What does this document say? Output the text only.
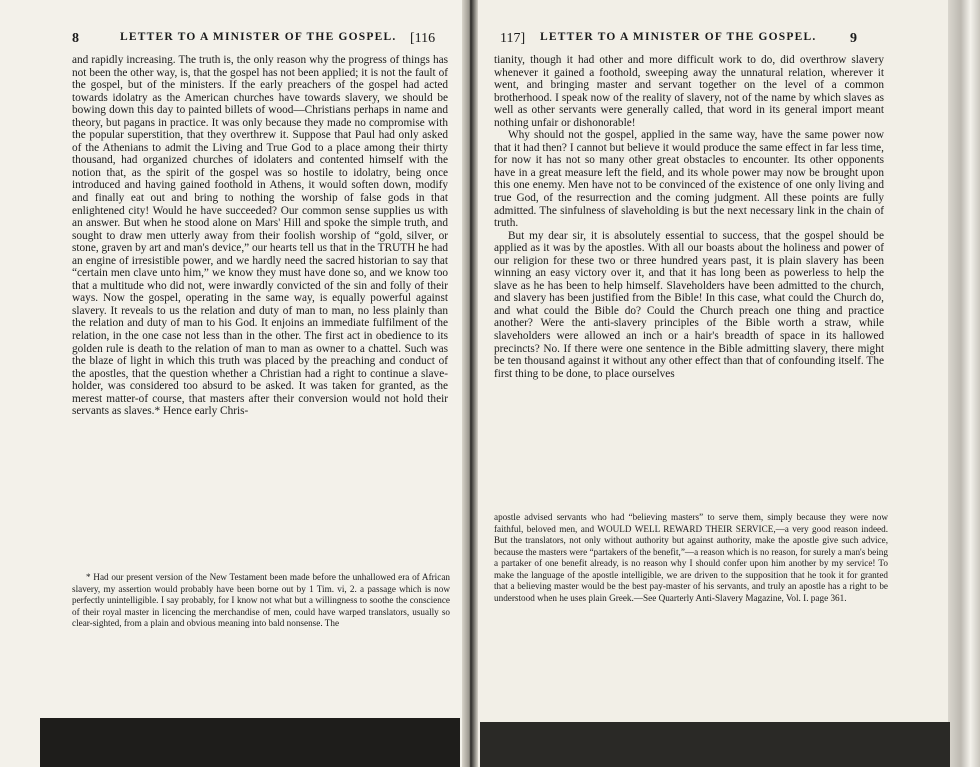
8	LETTER TO A MINISTER OF THE GOSPEL. [116

and rapidly increasing. The truth is, the only reason why the progress of things has not been the other way, is, that the gospel has not been applied; it is not the fault of the gospel, but of the ministers. If the early preachers of the gospel had acted towards idolatry as the American churches have towards slavery, we should be bowing down this day to painted billets of wood—Christians perhaps in name and theory, but pagans in practice. It was only because they made no compromise with the popular superstition, that they overthrew it. Suppose that Paul had only asked of the Athenians to admit the Living and True God to a place among their thirty thousand, had organized churches of idolaters and contented himself with the notion that, as the spirit of the gospel was so hostile to idolatry, being once introduced and having gained foothold in Athens, it would soften down, modify and finally eat out and bring to nothing the worship of false gods in that enlightened city! Would he have succeeded? Our common sense supplies us with an answer. But when he stood alone on Mars' Hill and spoke the simple truth, and sought to draw men utterly away from their foolish worship of “gold, silver, or stone, graven by art and man's device,” our hearts tell us that in the TRUTH he had an engine of irresistible power, and we hardly need the sacred historian to say that “certain men clave unto him,” we know they must have done so, and we know too that a multitude who did not, were inwardly convicted of the sin and folly of their ways. Now the gospel, operating in the same way, is equally powerful against slavery. It reveals to us the relation and duty of man to man, no less plainly than the relation and duty of man to his God. It enjoins an immediate fulfilment of the relation, in the one case not less than in the other. The first act in obedience to its golden rule is death to the relation of man to man as owner to a chattel. Such was the blaze of light in which this truth was placed by the preaching and conduct of the apostles, that the question whether a Christian had a right to continue a slave-holder, was considered too absurd to be asked. It was taken for granted, as the merest matter-of course, that masters after their conversion would not hold their servants as slaves.* Hence early Chris-

* Had our present version of the New Testament been made before the unhallowed era of African slavery, my assertion would probably have been borne out by 1 Tim. vi, 2. a passage which is now perfectly unintelligible. I say probably, for I know not what but a willingness to soothe the conscience of their royal master in licencing the merchandise of men, could have warped translators, usually so clear-sighted, from a plain and obvious meaning into bald nonsense. The

117] LETTER TO A MINISTER OF THE GOSPEL. 9

tianity, though it had other and more difficult work to do, did overthrow slavery whenever it gained a foothold, sweeping away the unnatural relation, wherever it went, and bringing master and servant together on the level of a common brotherhood. I speak now of the reality of slavery, not of the name by which slaves as well as other servants were generally called, that word in its general import meant nothing unfair or dishonorable!

Why should not the gospel, applied in the same way, have the same power now that it had then? I cannot but believe it would produce the same effect in far less time, for now it has not so many other great obstacles to encounter. Its other opponents have in a great measure left the field, and its whole power may now be brought upon this one enemy. Men have not to be convinced of the existence of one only living and true God, of the resurrection and the coming judgment. All these points are fully admitted. The sinfulness of slaveholding is but the next necessary link in the chain of truth.

But my dear sir, it is absolutely essential to success, that the gospel should be applied as it was by the apostles. With all our boasts about the holiness and power of our religion for these two or three hundred years past, it is plain slavery has been winning an easy victory over it, and that it has long been as powerless to help the slave as he has been to help himself. Slaveholders have been admitted to the church, and slavery has been justified from the Bible! In this case, what could the Church do, and what could the Bible do? Could the Church preach one thing and practice another? Were the anti-slavery principles of the Bible worth a straw, while slaveholders were allowed an inch or a hair's breadth of space in its hallowed precincts? No. If there were one sentence in the Bible admitting slavery, there might be ten thousand against it without any other effect than that of confounding itself. The first thing to be done, to place ourselves

apostle advised servants who had “believing masters” to serve them, simply because they were now faithful, beloved men, and WOULD WELL REWARD THEIR SERVICE,—a very good reason indeed. But the translators, not only without authority but against authority, make the apostle give such advice, because the masters were “partakers of the benefit,”—a reason which is no reason, for surely a man's being a partaker of one benefit already, is no reason why I should confer upon him another by my service! To make the language of the apostle intelligible, we are driven to the supposition that he took it for granted that a believing master would be the best pay-master of his servants, and truly an apostle has a right to be understood when he uses plain Greek.—See Quarterly Anti-Slavery Magazine, Vol. I. page 361.
